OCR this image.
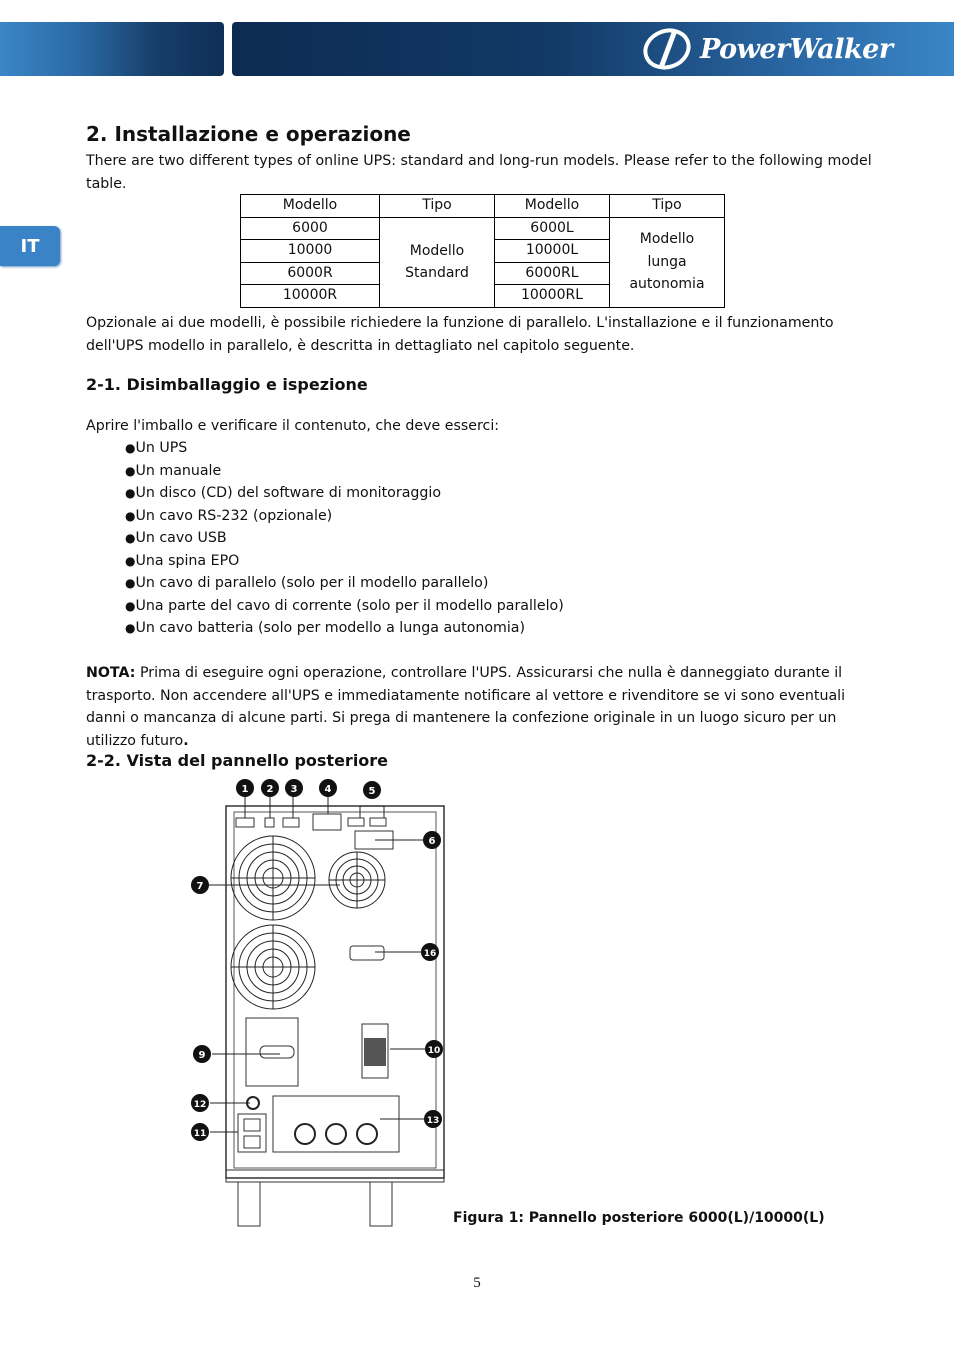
PowerWalker
IT
2. Installazione e operazione

There are two different types of online UPS: standard and long-run models. Please refer to the following model table.

Modello	Tipo	Modello	Tipo
6000	Modello Standard	6000L	Modello lunga autonomia
10000		10000L	
6000R		6000RL	
10000R		10000RL	

Opzionale ai due modelli, è possibile richiedere la funzione di parallelo. L'installazione e il funzionamento dell'UPS modello in parallelo, è descritta in dettagliato nel capitolo seguente.

2-1. Disimballaggio e ispezione

Aprire l'imballo e verificare il contenuto, che deve esserci:

● Un UPS
● Un manuale
● Un disco (CD) del software di monitoraggio
● Un cavo RS-232 (opzionale)
● Un cavo USB
● Una spina EPO
● Un cavo di parallelo (solo per il modello parallelo)
● Una parte del cavo di corrente (solo per il modello parallelo)
● Un cavo batteria (solo per modello a lunga autonomia)

NOTA: Prima di eseguire ogni operazione, controllare l'UPS. Assicurarsi che nulla è danneggiato durante il trasporto. Non accendere all'UPS e immediatamente notificare al vettore e rivenditore se vi sono eventuali danni o mancanza di alcune parti. Si prega di mantenere la confezione originale in un luogo sicuro per un utilizzo futuro.

2-2. Vista del pannello posteriore
1 2 3	4	5
6
7
16
9	10
12
13
11
Figura 1: Pannello posteriore 6000(L)/10000(L)
5
